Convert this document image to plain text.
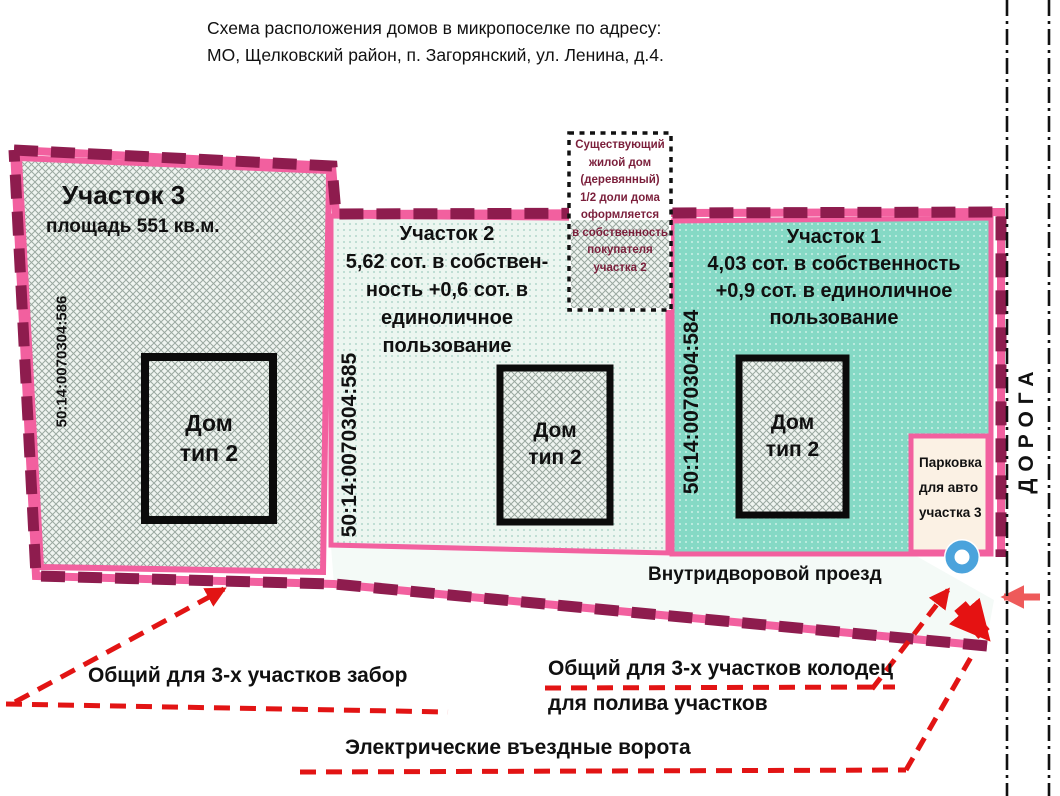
Схема расположения домов в микропоселке по адресу:
МО, Щелковский район, п. Загорянский, ул. Ленина, д.4.
Участок 3
площадь 551 кв.м.
50:14:0070304:586
Участок 2
5,62 сот. в собствен-
ность +0,6 сот. в
единоличное
пользование
50:14:0070304:585
Участок 1
4,03 сот. в собственность
+0,9 сот. в единоличное
пользование
50:14:0070304:584
Дом
тип 2
Дом
тип 2
Дом
тип 2
Существующий
жилой дом
(деревянный)
1/2 доли дома
оформляется
в собственность
покупателя
участка 2
Парковка
для авто
участка 3
Внутридворовой проезд
ДОРОГА
Общий для 3-х участков забор	Общий для 3-х участков колодец
для полива участков
Электрические въездные ворота
